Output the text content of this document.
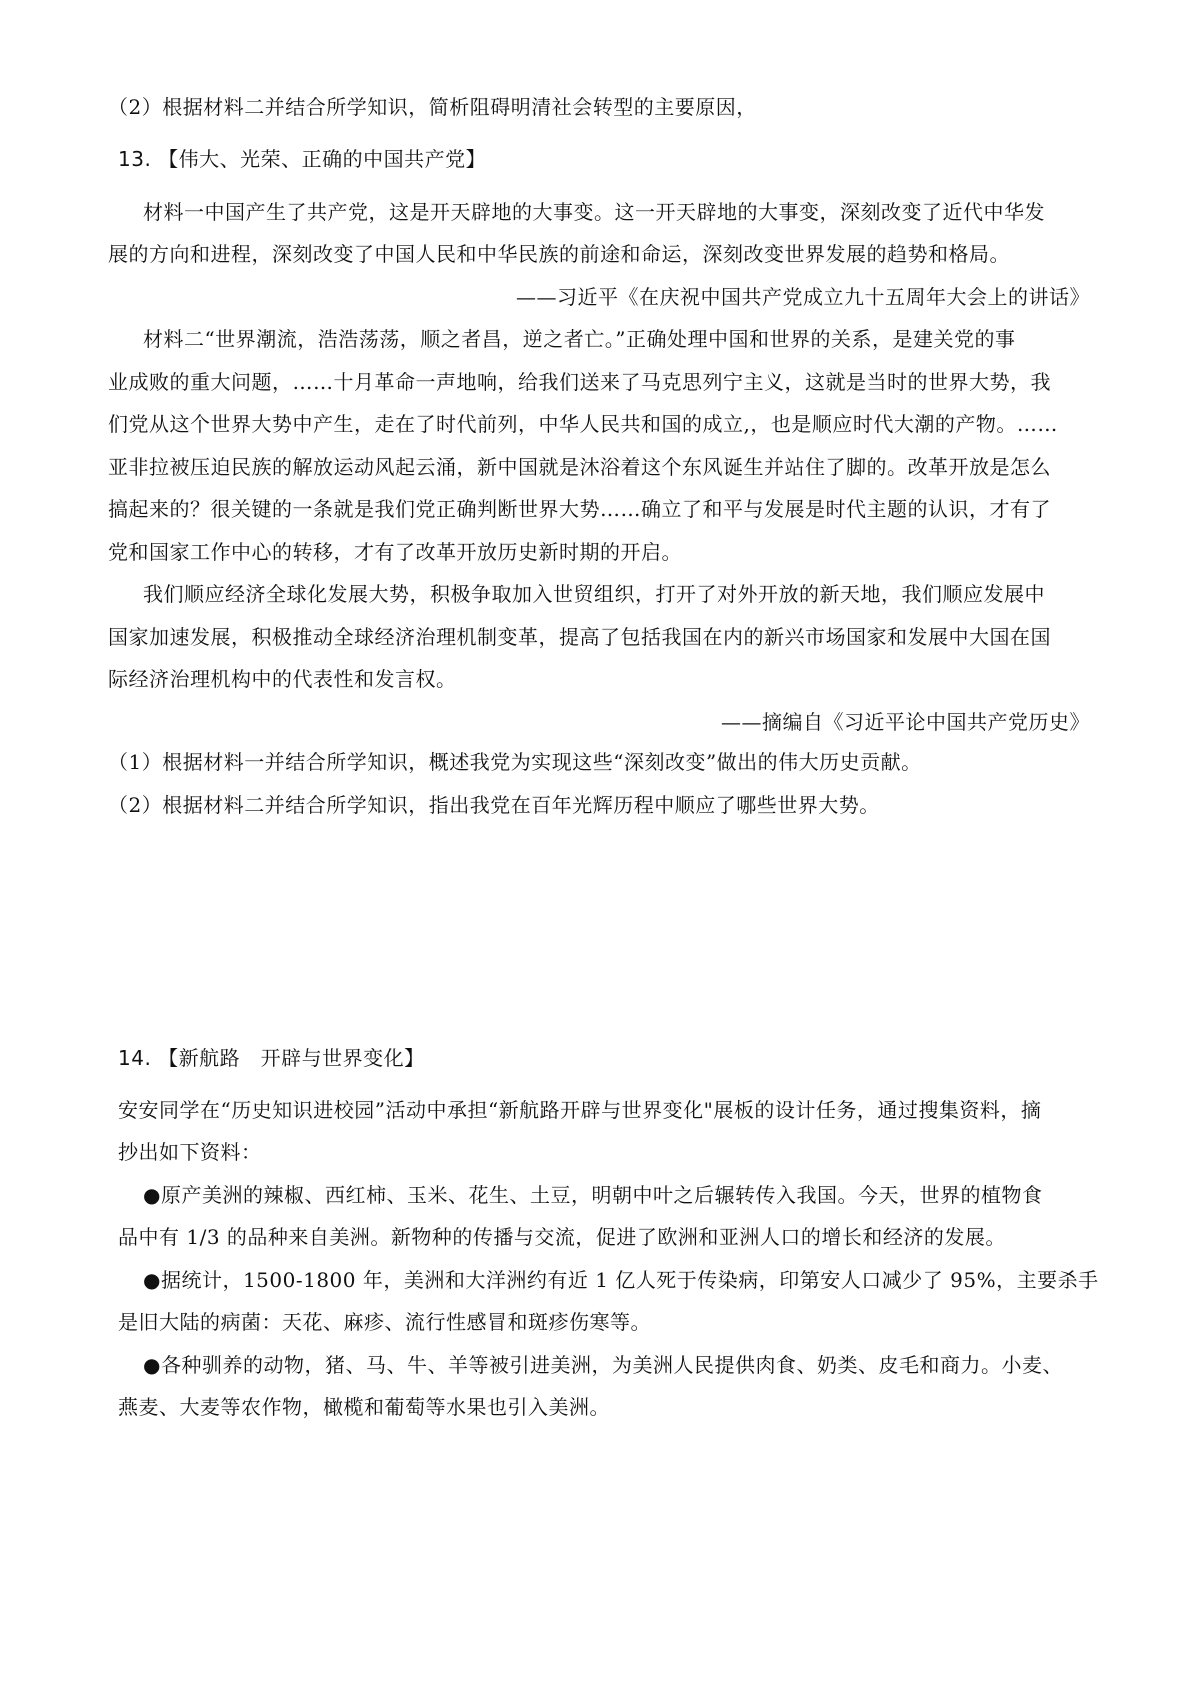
（2）根据材料二并结合所学知识，简析阻碍明清社会转型的主要原因，
13. 【伟大、光荣、正确的中国共产党】
材料一中国产生了共产党，这是开天辟地的大事变。这一开天辟地的大事变，深刻改变了近代中华发
展的方向和进程，深刻改变了中国人民和中华民族的前途和命运，深刻改变世界发展的趋势和格局。
——习近平《在庆祝中国共产党成立九十五周年大会上的讲话》
材料二“世界潮流，浩浩荡荡，顺之者昌，逆之者亡。”正确处理中国和世界的关系，是建关党的事
业成败的重大问题，……十月革命一声地响，给我们送来了马克思列宁主义，这就是当时的世界大势，我
们党从这个世界大势中产生，走在了时代前列，中华人民共和国的成立,，也是顺应时代大潮的产物。……
亚非拉被压迫民族的解放运动风起云涌，新中国就是沐浴着这个东风诞生并站住了脚的。改革开放是怎么
搞起来的？很关键的一条就是我们党正确判断世界大势……确立了和平与发展是时代主题的认识，才有了
党和国家工作中心的转移，才有了改革开放历史新时期的开启。
我们顺应经济全球化发展大势，积极争取加入世贸组织，打开了对外开放的新天地，我们顺应发展中
国家加速发展，积极推动全球经济治理机制变革，提高了包括我国在内的新兴市场国家和发展中大国在国
际经济治理机构中的代表性和发言权。
——摘编自《习近平论中国共产党历史》
（1）根据材料一并结合所学知识，概述我党为实现这些“深刻改变”做出的伟大历史贡献。
（2）根据材料二并结合所学知识，指出我党在百年光辉历程中顺应了哪些世界大势。
14. 【新航路　开辟与世界变化】
安安同学在“历史知识进校园”活动中承担“新航路开辟与世界变化"展板的设计任务，通过搜集资料，摘
抄出如下资料：
●原产美洲的辣椒、西红柿、玉米、花生、土豆，明朝中叶之后辗转传入我国。今天，世界的植物食
品中有 1/3 的品种来自美洲。新物种的传播与交流，促进了欧洲和亚洲人口的增长和经济的发展。
●据统计，1500-1800 年，美洲和大洋洲约有近 1 亿人死于传染病，印第安人口减少了 95%，主要杀手
是旧大陆的病菌：天花、麻疹、流行性感冒和斑疹伤寒等。
●各种驯养的动物，猪、马、牛、羊等被引进美洲，为美洲人民提供肉食、奶类、皮毛和商力。小麦、
燕麦、大麦等农作物，橄榄和葡萄等水果也引入美洲。
